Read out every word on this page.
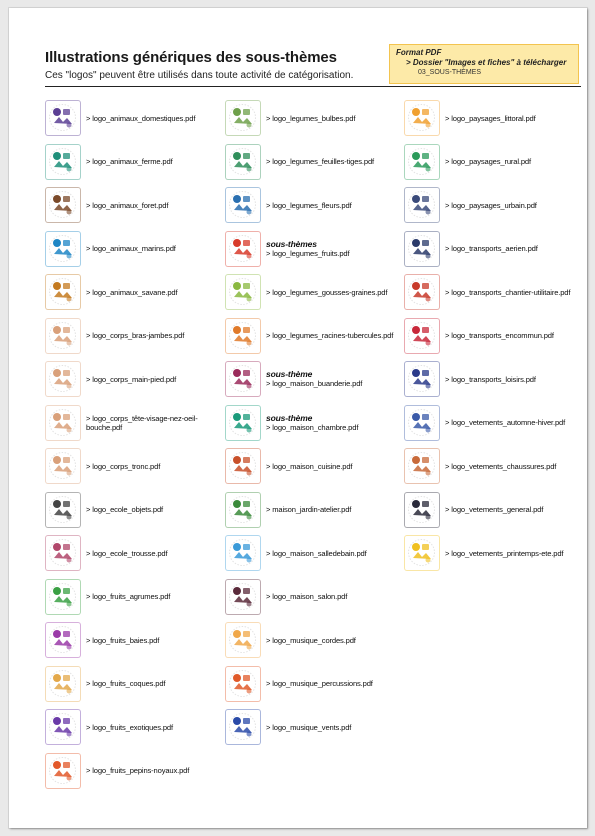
Illustrations génériques des sous-thèmes
Ces "logos" peuvent être utilisés dans toute activité de catégorisation.
Format PDF
> Dossier "Images et fiches" à télécharger
03_SOUS-THÈMES
> logo_animaux_domestiques.pdf
> logo_animaux_ferme.pdf
> logo_animaux_foret.pdf
> logo_animaux_marins.pdf
> logo_animaux_savane.pdf
> logo_corps_bras-jambes.pdf
> logo_corps_main-pied.pdf
> logo_corps_tête-visage-nez-oeil-bouche.pdf
> logo_corps_tronc.pdf
> logo_ecole_objets.pdf
> logo_ecole_trousse.pdf
> logo_fruits_agrumes.pdf
> logo_fruits_baies.pdf
> logo_fruits_coques.pdf
> logo_fruits_exotiques.pdf
> logo_fruits_pepins-noyaux.pdf
> logo_legumes_bulbes.pdf
> logo_legumes_feuilles-tiges.pdf
> logo_legumes_fleurs.pdf
sous-thèmes
> logo_legumes_fruits.pdf
> logo_legumes_gousses-graines.pdf
> logo_legumes_racines-tubercules.pdf
sous-thème
> logo_maison_buanderie.pdf
sous-thème
> logo_maison_chambre.pdf
> logo_maison_cuisine.pdf
> maison_jardin-atelier.pdf
> logo_maison_salledebain.pdf
> logo_maison_salon.pdf
> logo_musique_cordes.pdf
> logo_musique_percussions.pdf
> logo_musique_vents.pdf
> logo_paysages_littoral.pdf
> logo_paysages_rural.pdf
> logo_paysages_urbain.pdf
> logo_transports_aerien.pdf
> logo_transports_chantier-utilitaire.pdf
> logo_transports_encommun.pdf
> logo_transports_loisirs.pdf
> logo_vetements_automne-hiver.pdf
> logo_vetements_chaussures.pdf
> logo_vetements_general.pdf
> logo_vetements_printemps-ete.pdf
